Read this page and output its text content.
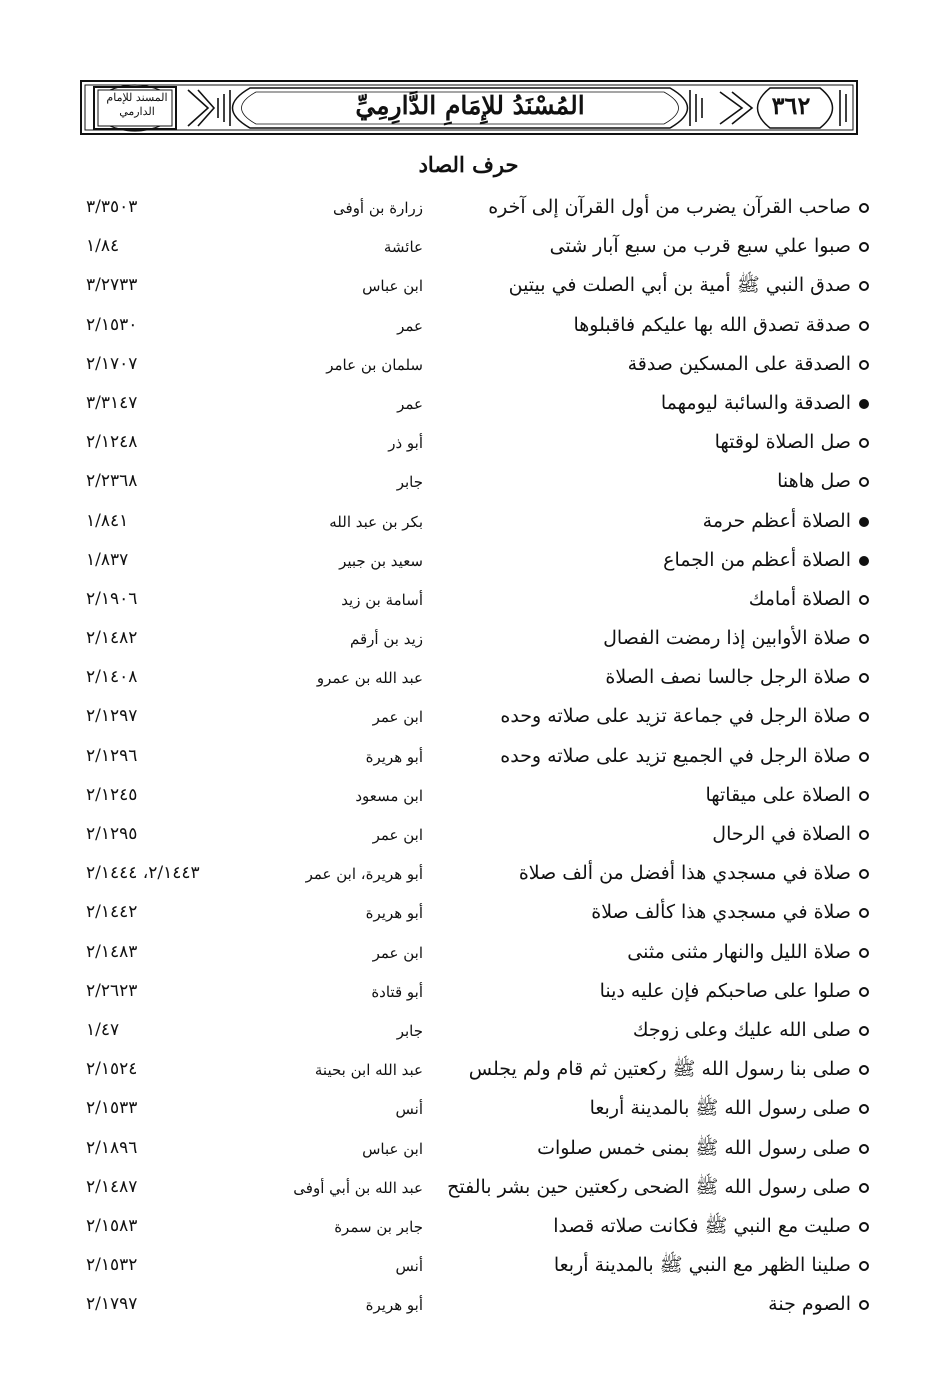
المسند للإمام الدارمي	المُسْنَدُ للإِمَامِ الدَّارِمِيِّ	٣٦٢
حرف الصاد
صاحب القرآن يضرب من أول القرآن إلى آخره
زرارة بن أوفى
٣/٣٥٠٣
صبوا علي سبع قرب من سبع آبار شتى
عائشة
١/٨٤
صدق النبي ﷺ أمية بن أبي الصلت في بيتين
ابن عباس
٣/٢٧٣٣
صدقة تصدق الله بها عليكم فاقبلوها
عمر
٢/١٥٣٠
الصدقة على المسكين صدقة
سلمان بن عامر
٢/١٧٠٧
الصدقة والسائبة ليومهما
عمر
٣/٣١٤٧
صل الصلاة لوقتها
أبو ذر
٢/١٢٤٨
صل هاهنا
جابر
٢/٢٣٦٨
الصلاة أعظم حرمة
بكر بن عبد الله
١/٨٤١
الصلاة أعظم من الجماع
سعيد بن جبير
١/٨٣٧
الصلاة أمامك
أسامة بن زيد
٢/١٩٠٦
صلاة الأوابين إذا رمضت الفصال
زيد بن أرقم
٢/١٤٨٢
صلاة الرجل جالسا نصف الصلاة
عبد الله بن عمرو
٢/١٤٠٨
صلاة الرجل في جماعة تزيد على صلاته وحده
ابن عمر
٢/١٢٩٧
صلاة الرجل في الجميع تزيد على صلاته وحده
أبو هريرة
٢/١٢٩٦
الصلاة على ميقاتها
ابن مسعود
٢/١٢٤٥
الصلاة في الرحال
ابن عمر
٢/١٢٩٥
صلاة في مسجدي هذا أفضل من ألف صلاة
أبو هريرة، ابن عمر
٢/١٤٤٣، ٢/١٤٤٤
صلاة في مسجدي هذا كألف صلاة
أبو هريرة
٢/١٤٤٢
صلاة الليل والنهار مثنى مثنى
ابن عمر
٢/١٤٨٣
صلوا على صاحبكم فإن عليه دينا
أبو قتادة
٢/٢٦٢٣
صلى الله عليك وعلى زوجك
جابر
١/٤٧
صلى بنا رسول الله ﷺ ركعتين ثم قام ولم يجلس
عبد الله ابن بحينة
٢/١٥٢٤
صلى رسول الله ﷺ بالمدينة أربعا
أنس
٢/١٥٣٣
صلى رسول الله ﷺ بمنى خمس صلوات
ابن عباس
٢/١٨٩٦
صلى رسول الله ﷺ الضحى ركعتين حين بشر بالفتح
عبد الله بن أبي أوفى
٢/١٤٨٧
صليت مع النبي ﷺ فكانت صلاته قصدا
جابر بن سمرة
٢/١٥٨٣
صلينا الظهر مع النبي ﷺ بالمدينة أربعا
أنس
٢/١٥٣٢
الصوم جنة
أبو هريرة
٢/١٧٩٧
